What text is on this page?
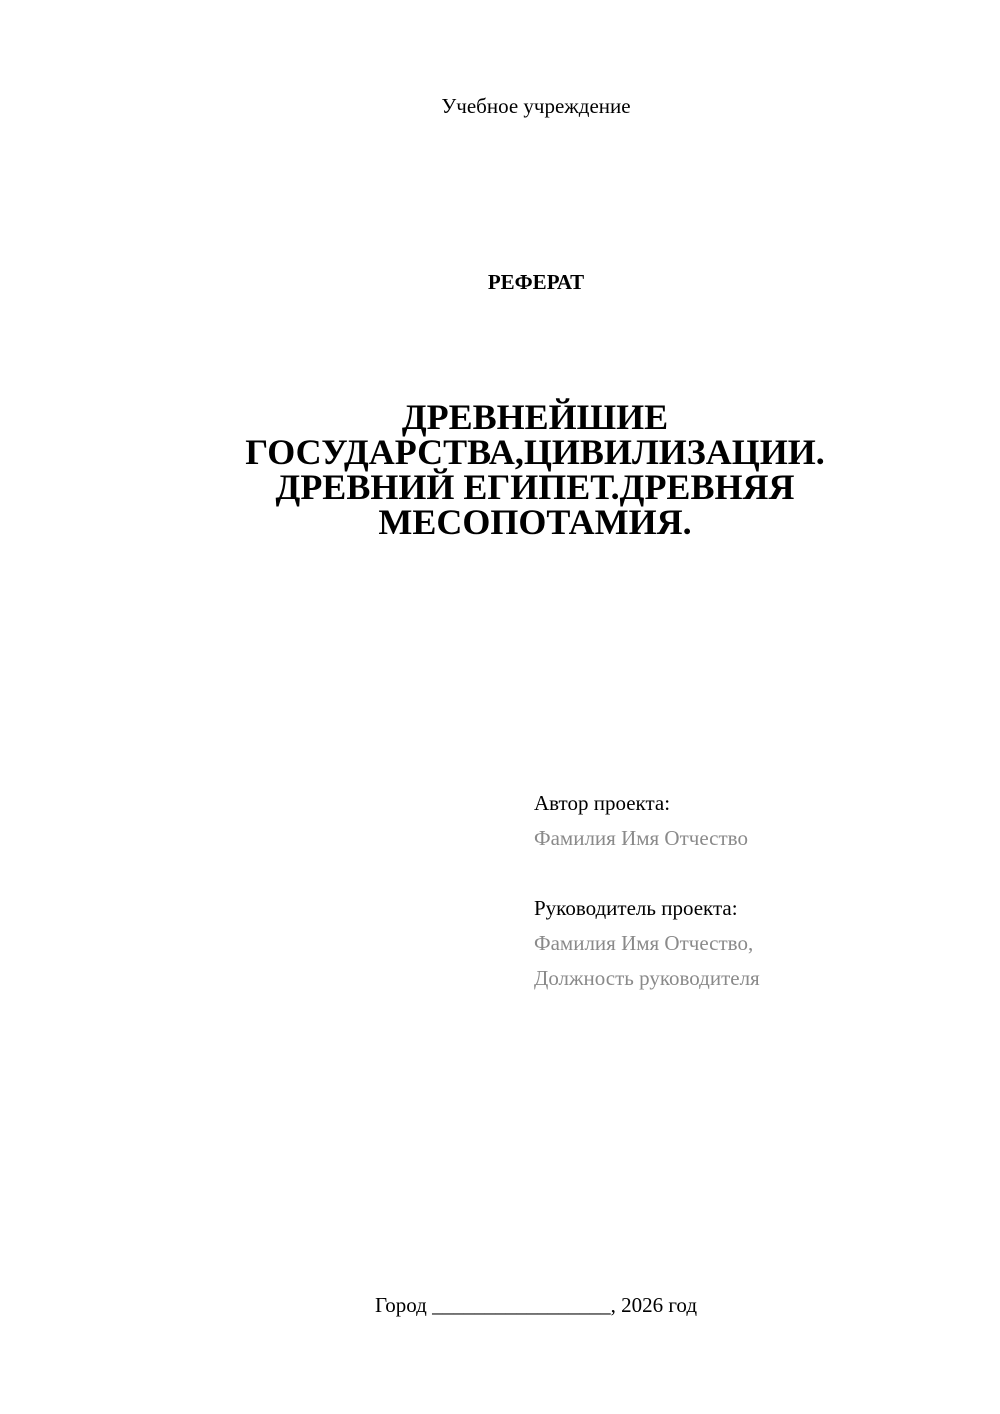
Учебное учреждение
РЕФЕРАТ
ДРЕВНЕЙШИЕ
ГОСУДАРСТВА,ЦИВИЛИЗАЦИИ.
ДРЕВНИЙ ЕГИПЕТ.ДРЕВНЯЯ
МЕСОПОТАМИЯ.
Автор проекта:
Фамилия Имя Отчество
Руководитель проекта:
Фамилия Имя Отчество,
Должность руководителя
Город _________________, 2026 год
